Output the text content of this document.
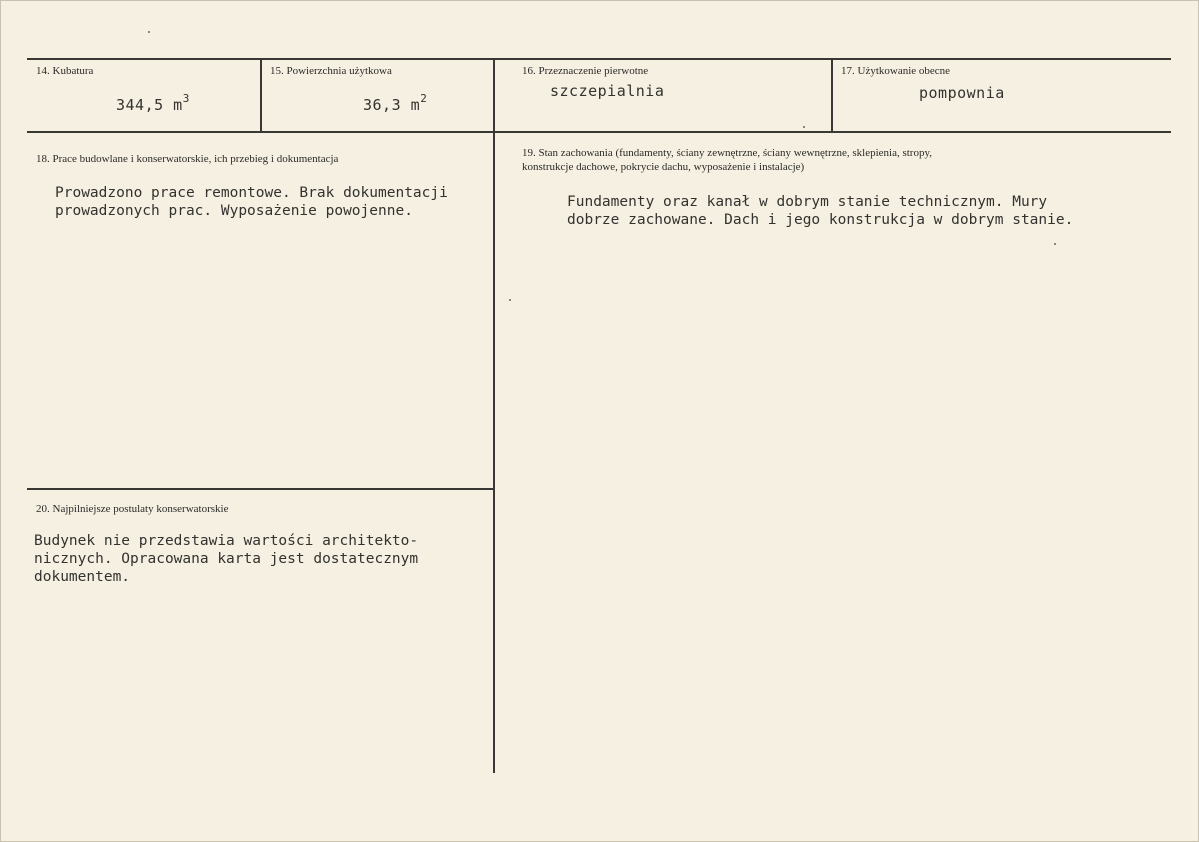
14. Kubatura
344,5 $m^3$
15. Powierzchnia użytkowa
36,3 $m^2$
16. Przeznaczenie pierwotne
szczepialnia
17. Użytkowanie obecne
pompownia
18. Prace budowlane i konserwatorskie, ich przebieg i dokumentacja
Prowadzono prace remontowe. Brak dokumentacji
prowadzonych prac. Wyposażenie powojenne.
19. Stan zachowania (fundamenty, ściany zewnętrzne, ściany wewnętrzne, sklepienia, stropy,
konstrukcje dachowe, pokrycie dachu, wyposażenie i instalacje)
Fundamenty oraz kanał w dobrym stanie technicznym. Mury
dobrze zachowane. Dach i jego konstrukcja w dobrym stanie.
20. Najpilniejsze postulaty konserwatorskie
Budynek nie przedstawia wartości architekto-
nicznych. Opracowana karta jest dostatecznym
dokumentem.
